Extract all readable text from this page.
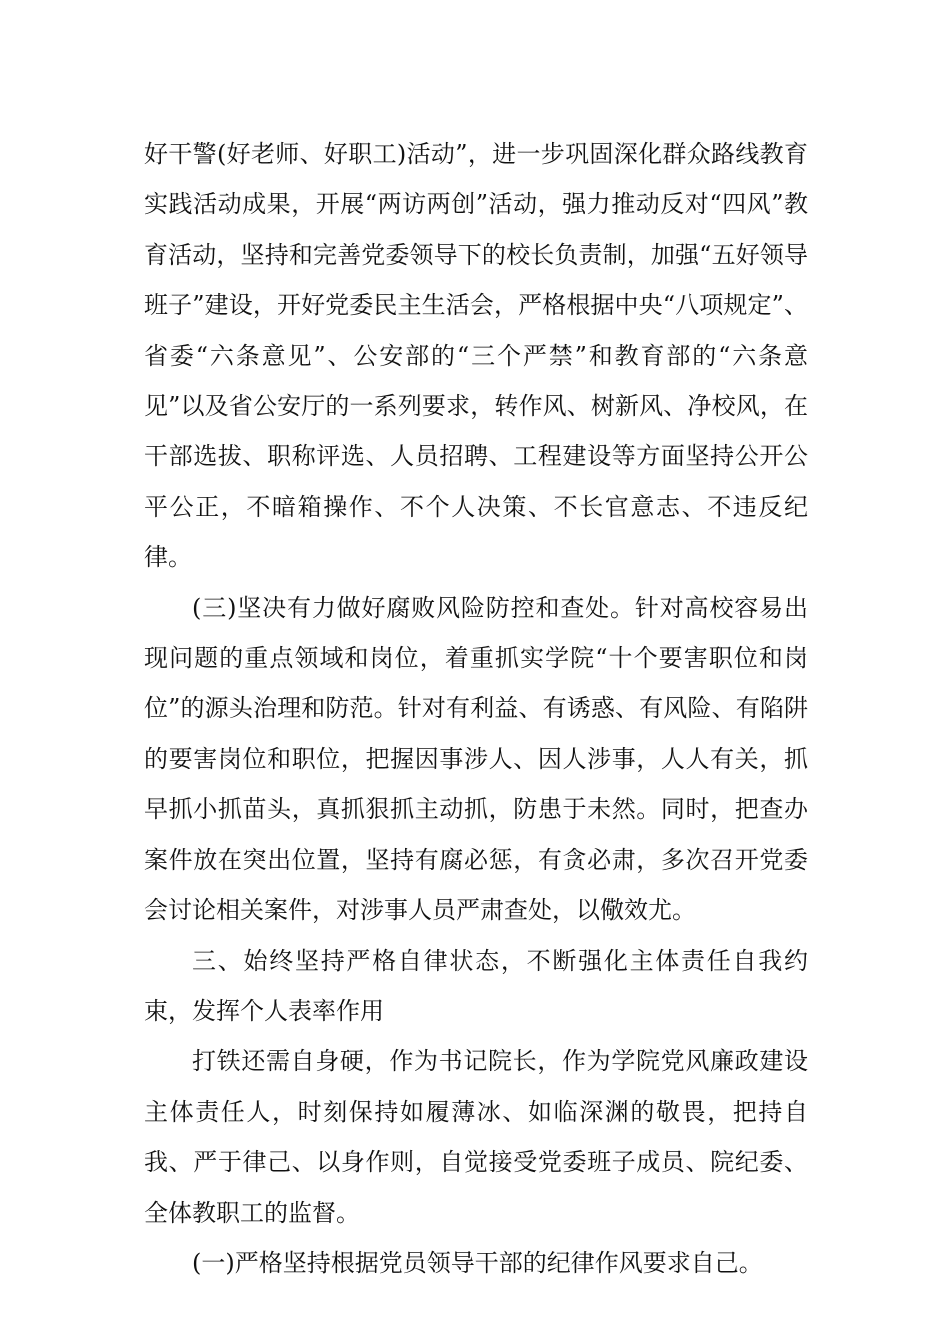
好干警(好老师、好职工)活动”，进一步巩固深化群众路线教育实践活动成果，开展“两访两创”活动，强力推动反对“四风”教育活动，坚持和完善党委领导下的校长负责制，加强“五好领导班子”建设，开好党委民主生活会，严格根据中央“八项规定”、省委“六条意见”、公安部的“三个严禁”和教育部的“六条意见”以及省公安厅的一系列要求，转作风、树新风、净校风，在干部选拔、职称评选、人员招聘、工程建设等方面坚持公开公平公正，不暗箱操作、不个人决策、不长官意志、不违反纪律。

(三)坚决有力做好腐败风险防控和查处。针对高校容易出现问题的重点领域和岗位，着重抓实学院“十个要害职位和岗位”的源头治理和防范。针对有利益、有诱惑、有风险、有陷阱的要害岗位和职位，把握因事涉人、因人涉事，人人有关，抓早抓小抓苗头，真抓狠抓主动抓，防患于未然。同时，把查办案件放在突出位置，坚持有腐必惩，有贪必肃，多次召开党委会讨论相关案件，对涉事人员严肃查处，以儆效尤。

三、始终坚持严格自律状态，不断强化主体责任自我约束，发挥个人表率作用

打铁还需自身硬，作为书记院长，作为学院党风廉政建设主体责任人，时刻保持如履薄冰、如临深渊的敬畏，把持自我、严于律己、以身作则，自觉接受党委班子成员、院纪委、全体教职工的监督。

(一)严格坚持根据党员领导干部的纪律作风要求自己。
